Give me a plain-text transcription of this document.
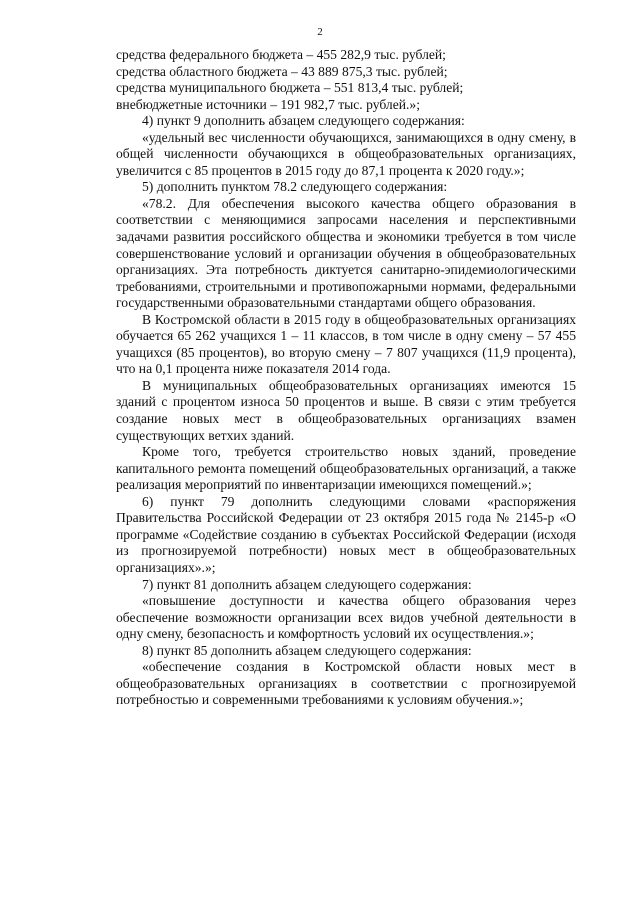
2

средства федерального бюджета – 455 282,9 тыс. рублей;

средства областного бюджета – 43 889 875,3 тыс. рублей;

средства муниципального бюджета – 551 813,4 тыс. рублей;

внебюджетные источники – 191 982,7 тыс. рублей.»;

4) пункт 9 дополнить абзацем следующего содержания:

«удельный вес численности обучающихся, занимающихся в одну смену, в общей численности обучающихся в общеобразовательных организациях, увеличится с 85 процентов в 2015 году до 87,1 процента к 2020 году.»;

5) дополнить пунктом 78.2 следующего содержания:

«78.2. Для обеспечения высокого качества общего образования в соответствии с меняющимися запросами населения и перспективными задачами развития российского общества и экономики требуется в том числе совершенствование условий и организации обучения в общеобразовательных организациях. Эта потребность диктуется санитарно-эпидемиологическими требованиями, строительными и противопожарными нормами, федеральными государственными образовательными стандартами общего образования.

В Костромской области в 2015 году в общеобразовательных организациях обучается 65 262 учащихся 1 – 11 классов, в том числе в одну смену – 57 455 учащихся (85 процентов), во вторую смену – 7 807 учащихся (11,9 процента), что на 0,1 процента ниже показателя 2014 года.

В муниципальных общеобразовательных организациях имеются 15 зданий с процентом износа 50 процентов и выше. В связи с этим требуется создание новых мест в общеобразовательных организациях взамен существующих ветхих зданий.

Кроме того, требуется строительство новых зданий, проведение капитального ремонта помещений общеобразовательных организаций, а также реализация мероприятий по инвентаризации имеющихся помещений.»;

6) пункт 79 дополнить следующими словами «распоряжения Правительства Российской Федерации от 23 октября 2015 года № 2145-р «О программе «Содействие созданию в субъектах Российской Федерации (исходя из прогнозируемой потребности) новых мест в общеобразовательных организациях».»;

7) пункт 81 дополнить абзацем следующего содержания:

«повышение доступности и качества общего образования через обеспечение возможности организации всех видов учебной деятельности в одну смену, безопасность и комфортность условий их осуществления.»;

8) пункт 85 дополнить абзацем следующего содержания:

«обеспечение создания в Костромской области новых мест в общеобразовательных организациях в соответствии с прогнозируемой потребностью и современными требованиями к условиям обучения.»;
